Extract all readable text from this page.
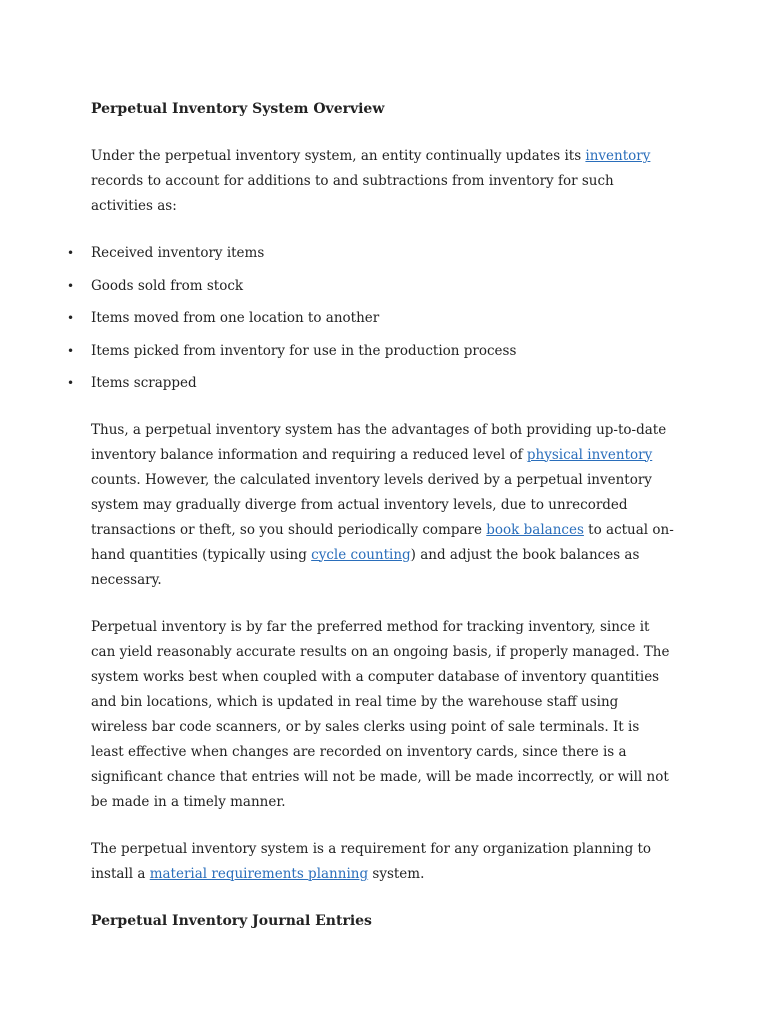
Perpetual Inventory System Overview

Under the perpetual inventory system, an entity continually updates its inventory records to account for additions to and subtractions from inventory for such activities as:

• Received inventory items
• Goods sold from stock
• Items moved from one location to another
• Items picked from inventory for use in the production process
• Items scrapped

Thus, a perpetual inventory system has the advantages of both providing up-to-date inventory balance information and requiring a reduced level of physical inventory counts. However, the calculated inventory levels derived by a perpetual inventory system may gradually diverge from actual inventory levels, due to unrecorded transactions or theft, so you should periodically compare book balances to actual on-hand quantities (typically using cycle counting) and adjust the book balances as necessary.

Perpetual inventory is by far the preferred method for tracking inventory, since it can yield reasonably accurate results on an ongoing basis, if properly managed. The system works best when coupled with a computer database of inventory quantities and bin locations, which is updated in real time by the warehouse staff using wireless bar code scanners, or by sales clerks using point of sale terminals. It is least effective when changes are recorded on inventory cards, since there is a significant chance that entries will not be made, will be made incorrectly, or will not be made in a timely manner.

The perpetual inventory system is a requirement for any organization planning to install a material requirements planning system.

Perpetual Inventory Journal Entries
